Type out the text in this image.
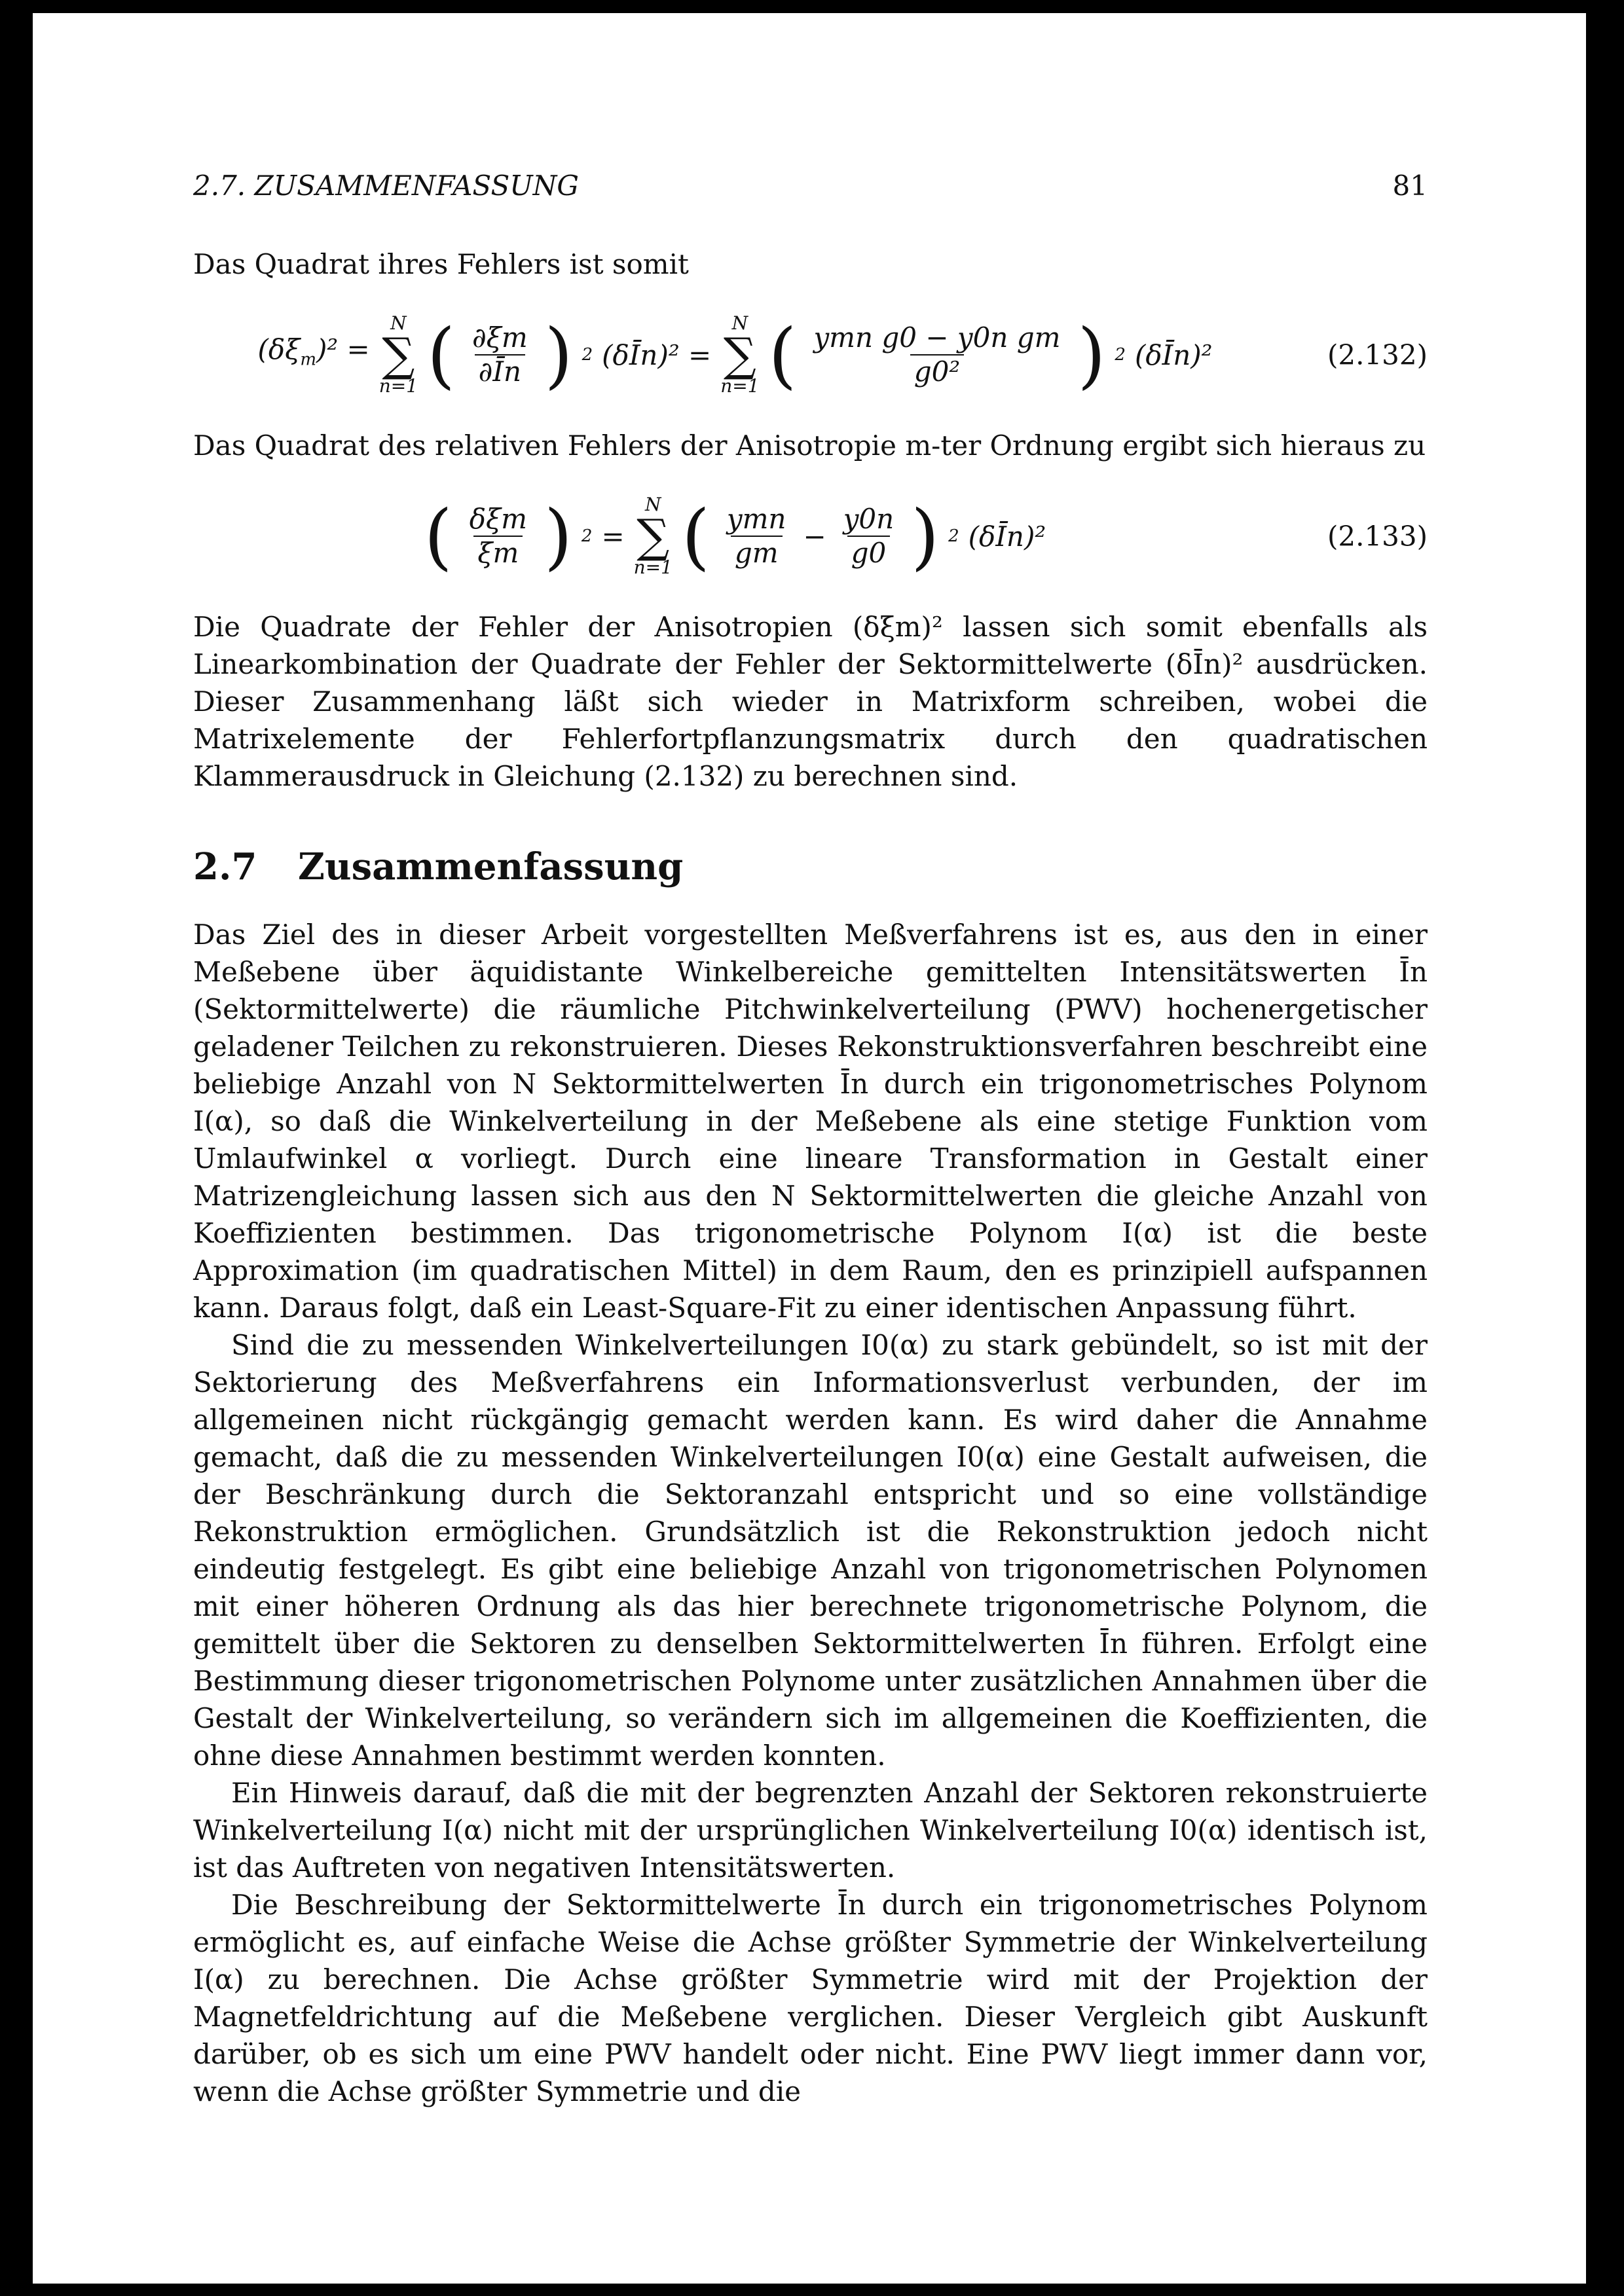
2.7. ZUSAMMENFASSUNG	81

Das Quadrat ihres Fehlers ist somit

$(\delta\xi_m)^2$ =
N
∑
n=1 ( $\frac{\partial\xi m}{\partial Īn}$ ) 2 (δĪn)² =
N
∑
n=1 ( $\frac{\text{ymn g0 − y0n gm}}{\text{g0²}}$ ) 2 (δĪn)²	(2.132)

Das Quadrat des relativen Fehlers der Anisotropie m-ter Ordnung ergibt sich hieraus zu

( $\frac{\text{δξm}}{\xi m}$ ) 2 =
N
∑
n=1 ( $\frac{\text{ymn}}{gm} - \frac{y0n}{g0}$ ) 2 (δĪn)²	(2.133)

Die Quadrate der Fehler der Anisotropien (δξm)² lassen sich somit ebenfalls als Linearkombination der Quadrate der Fehler der Sektormittelwerte (δĪn)² ausdrücken. Dieser Zusammenhang läßt sich wieder in Matrixform schreiben, wobei die Matrixelemente der Fehlerfortpflanzungsmatrix durch den quadratischen Klammerausdruck in Gleichung (2.132) zu berechnen sind.

2.7 Zusammenfassung

Das Ziel des in dieser Arbeit vorgestellten Meßverfahrens ist es, aus den in einer Meßebene über äquidistante Winkelbereiche gemittelten Intensitätswerten Īn (Sektormittelwerte) die räumliche Pitchwinkelverteilung (PWV) hochenergetischer geladener Teilchen zu rekonstruieren. Dieses Rekonstruktionsverfahren beschreibt eine beliebige Anzahl von N Sektormittelwerten Īn durch ein trigonometrisches Polynom I(α), so daß die Winkelverteilung in der Meßebene als eine stetige Funktion vom Umlaufwinkel α vorliegt. Durch eine lineare Transformation in Gestalt einer Matrizengleichung lassen sich aus den N Sektormittelwerten die gleiche Anzahl von Koeffizienten bestimmen. Das trigonometrische Polynom I(α) ist die beste Approximation (im quadratischen Mittel) in dem Raum, den es prinzipiell aufspannen kann. Daraus folgt, daß ein Least-Square-Fit zu einer identischen Anpassung führt.

Sind die zu messenden Winkelverteilungen I0(α) zu stark gebündelt, so ist mit der Sektorierung des Meßverfahrens ein Informationsverlust verbunden, der im allgemeinen nicht rückgängig gemacht werden kann. Es wird daher die Annahme gemacht, daß die zu messenden Winkelverteilungen I0(α) eine Gestalt aufweisen, die der Beschränkung durch die Sektoranzahl entspricht und so eine vollständige Rekonstruktion ermöglichen. Grundsätzlich ist die Rekonstruktion jedoch nicht eindeutig festgelegt. Es gibt eine beliebige Anzahl von trigonometrischen Polynomen mit einer höheren Ordnung als das hier berechnete trigonometrische Polynom, die gemittelt über die Sektoren zu denselben Sektormittelwerten Īn führen. Erfolgt eine Bestimmung dieser trigonometrischen Polynome unter zusätzlichen Annahmen über die Gestalt der Winkelverteilung, so verändern sich im allgemeinen die Koeffizienten, die ohne diese Annahmen bestimmt werden konnten.

Ein Hinweis darauf, daß die mit der begrenzten Anzahl der Sektoren rekonstruierte Winkelverteilung I(α) nicht mit der ursprünglichen Winkelverteilung I0(α) identisch ist, ist das Auftreten von negativen Intensitätswerten.

Die Beschreibung der Sektormittelwerte Īn durch ein trigonometrisches Polynom ermöglicht es, auf einfache Weise die Achse größter Symmetrie der Winkelverteilung I(α) zu berechnen. Die Achse größter Symmetrie wird mit der Projektion der Magnetfeldrichtung auf die Meßebene verglichen. Dieser Vergleich gibt Auskunft darüber, ob es sich um eine PWV handelt oder nicht. Eine PWV liegt immer dann vor, wenn die Achse größter Symmetrie und die
